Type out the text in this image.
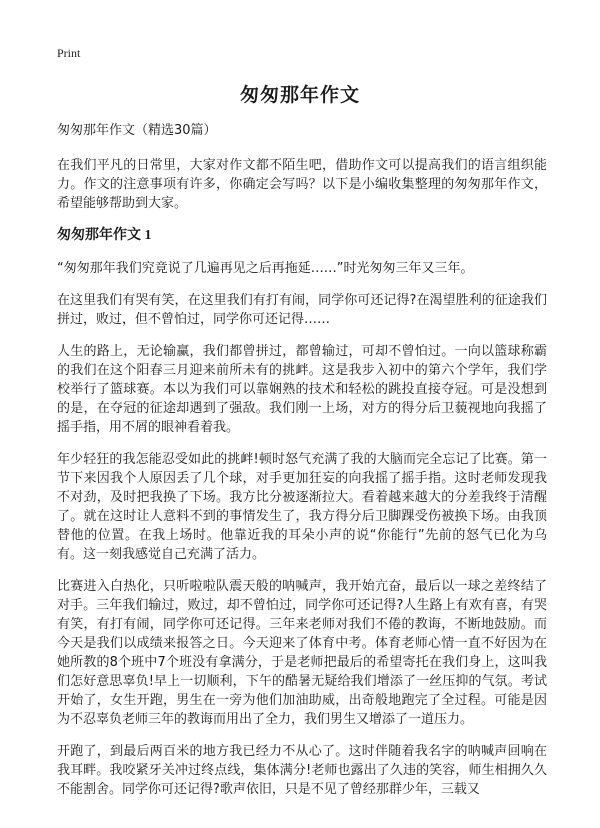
Print
匆匆那年作文

匆匆那年作文（精选30篇）

在我们平凡的日常里，大家对作文都不陌生吧，借助作文可以提高我们的语言组织能力。作文的注意事项有许多，你确定会写吗？以下是小编收集整理的匆匆那年作文，希望能够帮助到大家。

匆匆那年作文 1

“匆匆那年我们究竟说了几遍再见之后再拖延……”时光匆匆三年又三年。

在这里我们有哭有笑，在这里我们有打有闹，同学你可还记得?在渴望胜利的征途我们拼过，败过，但不曾怕过，同学你可还记得……

人生的路上，无论输赢，我们都曾拼过，都曾输过，可却不曾怕过。一向以篮球称霸的我们在这个阳春三月迎来前所未有的挑衅。这是我步入初中的第六个学年，我们学校举行了篮球赛。本以为我们可以靠娴熟的技术和轻松的跳投直接夺冠。可是没想到的是，在夺冠的征途却遇到了强敌。我们刚一上场，对方的得分后卫藐视地向我摇了摇手指，用不屑的眼神看着我。

年少轻狂的我怎能忍受如此的挑衅!顿时怒气充满了我的大脑而完全忘记了比赛。第一节下来因我个人原因丢了几个球，对手更加狂妄的向我摇了摇手指。这时老师发现我不对劲，及时把我换了下场。我方比分被逐渐拉大。看着越来越大的分差我终于清醒了。就在这时让人意料不到的事情发生了，我方得分后卫脚踝受伤被换下场。由我顶替他的位置。在我上场时。他靠近我的耳朵小声的说“你能行”先前的怒气已化为乌有。这一刻我感觉自己充满了活力。

比赛进入白热化，只听啦啦队震天般的呐喊声，我开始亢奋，最后以一球之差终结了对手。三年我们输过，败过，却不曾怕过，同学你可还记得?人生路上有欢有喜，有哭有笑，有打有闹，同学你可还记得。三年来老师对我们不倦的教诲，不断地鼓励。而今天是我们以成绩来报答之日。今天迎来了体育中考。体育老师心情一直不好因为在她所教的8个班中7个班没有拿满分，于是老师把最后的希望寄托在我们身上，这叫我们怎好意思辜负!早上一切顺利，下午的酷暑无疑给我们增添了一丝压抑的气氛。考试开始了，女生开跑，男生在一旁为他们加油助威，出奇般地跑完了全过程。可能是因为不忍辜负老师三年的教诲而用出了全力，我们男生又增添了一道压力。

开跑了，到最后两百米的地方我已经力不从心了。这时伴随着我名字的呐喊声回响在我耳畔。我咬紧牙关冲过终点线，集体满分!老师也露出了久违的笑容，师生相拥久久不能割舍。同学你可还记得?歌声依旧，只是不见了曾经那群少年，三载又
